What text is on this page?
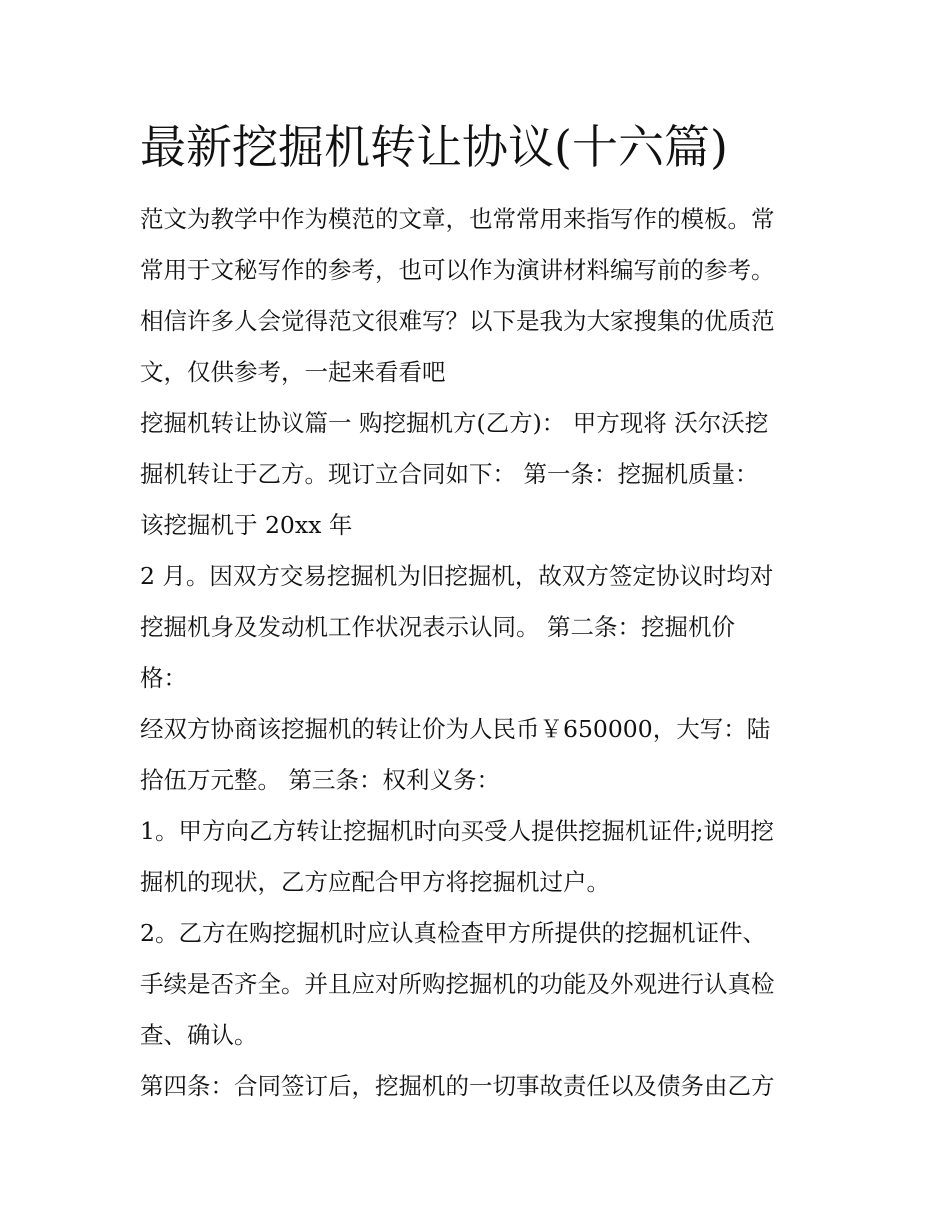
最新挖掘机转让协议(十六篇)

范文为教学中作为模范的文章，也常常用来指写作的模板。常
常用于文秘写作的参考，也可以作为演讲材料编写前的参考。
相信许多人会觉得范文很难写？以下是我为大家搜集的优质范
文，仅供参考，一起来看看吧

挖掘机转让协议篇一 购挖掘机方(乙方)： 甲方现将 沃尔沃挖
掘机转让于乙方。现订立合同如下： 第一条：挖掘机质量：
该挖掘机于 20xx 年

2 月。因双方交易挖掘机为旧挖掘机，故双方签定协议时均对
挖掘机身及发动机工作状况表示认同。 第二条：挖掘机价
格：

经双方协商该挖掘机的转让价为人民币￥650000，大写：陆
拾伍万元整。 第三条：权利义务：

1。甲方向乙方转让挖掘机时向买受人提供挖掘机证件;说明挖
掘机的现状，乙方应配合甲方将挖掘机过户。

2。乙方在购挖掘机时应认真检查甲方所提供的挖掘机证件、
手续是否齐全。并且应对所购挖掘机的功能及外观进行认真检
查、确认。

第四条：合同签订后，挖掘机的一切事故责任以及债务由乙方
